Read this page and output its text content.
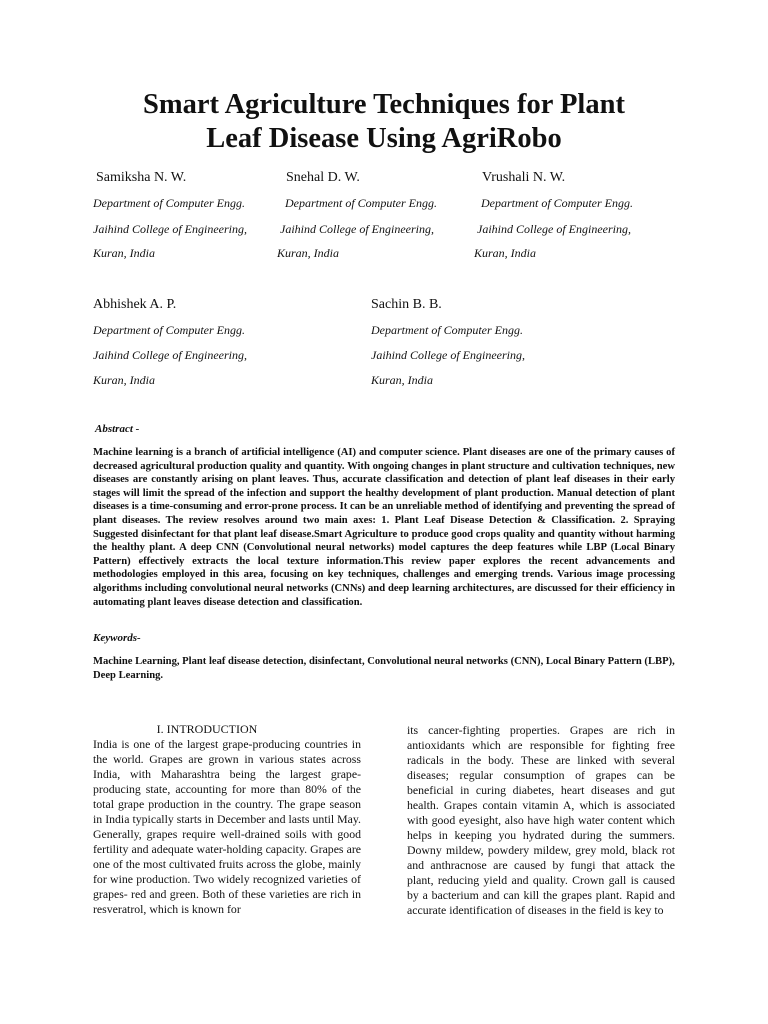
Smart Agriculture Techniques for Plant
Leaf Disease Using AgriRobo
Samiksha N. W.
Department of Computer Engg.
Jaihind College of Engineering,
Kuran, India
Snehal D. W.
Department of Computer Engg.
Jaihind College of Engineering,
Kuran, India
Vrushali N. W.
Department of Computer Engg.
Jaihind College of Engineering,
Kuran, India
Abhishek A. P.
Department of Computer Engg.
Jaihind College of Engineering,
Kuran, India
Sachin B. B.
Department of Computer Engg.
Jaihind College of Engineering,
Kuran, India
Abstract -
Machine learning is a branch of artificial intelligence (AI) and computer science. Plant diseases are one of the primary causes of decreased agricultural production quality and quantity. With ongoing changes in plant structure and cultivation techniques, new diseases are constantly arising on plant leaves. Thus, accurate classification and detection of plant leaf diseases in their early stages will limit the spread of the infection and support the healthy development of plant production. Manual detection of plant diseases is a time-consuming and error-prone process. It can be an unreliable method of identifying and preventing the spread of plant diseases. The review resolves around two main axes: 1. Plant Leaf Disease Detection & Classification. 2. Spraying Suggested disinfectant for that plant leaf disease.Smart Agriculture to produce good crops quality and quantity without harming the healthy plant. A deep CNN (Convolutional neural networks) model captures the deep features while LBP (Local Binary Pattern) effectively extracts the local texture information.This review paper explores the recent advancements and methodologies employed in this area, focusing on key techniques, challenges and emerging trends. Various image processing algorithms including convolutional neural networks (CNNs) and deep learning architectures, are discussed for their efficiency in automating plant leaves disease detection and classification.
Keywords-
Machine Learning, Plant leaf disease detection, disinfectant, Convolutional neural networks (CNN), Local Binary Pattern (LBP), Deep Learning.
I. INTRODUCTION
India is one of the largest grape-producing countries in the world. Grapes are grown in various states across India, with Maharashtra being the largest grape-producing state, accounting for more than 80% of the total grape production in the country. The grape season in India typically starts in December and lasts until May. Generally, grapes require well-drained soils with good fertility and adequate water-holding capacity. Grapes are one of the most cultivated fruits across the globe, mainly for wine production. Two widely recognized varieties of grapes- red and green. Both of these varieties are rich in resveratrol, which is known for
its cancer-fighting properties. Grapes are rich in antioxidants which are responsible for fighting free radicals in the body. These are linked with several diseases; regular consumption of grapes can be beneficial in curing diabetes, heart diseases and gut health. Grapes contain vitamin A, which is associated with good eyesight, also have high water content which helps in keeping you hydrated during the summers. Downy mildew, powdery mildew, grey mold, black rot and anthracnose are caused by fungi that attack the plant, reducing yield and quality. Crown gall is caused by a bacterium and can kill the grapes plant. Rapid and accurate identification of diseases in the field is key to
